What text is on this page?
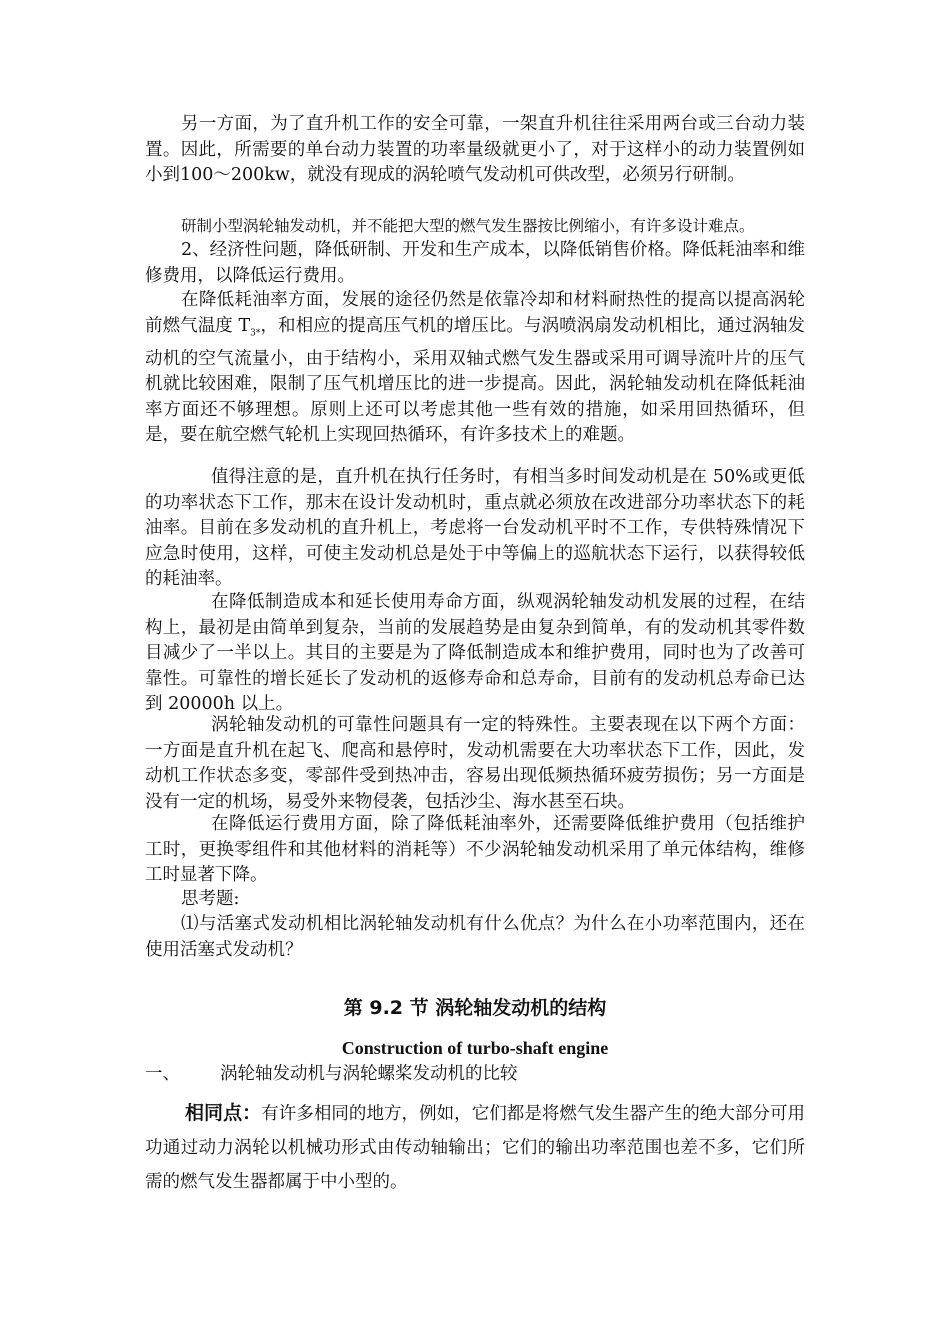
另一方面，为了直升机工作的安全可靠，一架直升机往往采用两台或三台动力装置。因此，所需要的单台动力装置的功率量级就更小了，对于这样小的动力装置例如小到100～200kw，就没有现成的涡轮喷气发动机可供改型，必须另行研制。

研制小型涡轮轴发动机，并不能把大型的燃气发生器按比例缩小，有许多设计难点。

2、经济性问题，降低研制、开发和生产成本，以降低销售价格。降低耗油率和维修费用，以降低运行费用。

在降低耗油率方面，发展的途径仍然是依靠冷却和材料耐热性的提高以提高涡轮前燃气温度 $T_{3*}$，和相应的提高压气机的增压比。与涡喷涡扇发动机相比，通过涡轴发动机的空气流量小，由于结构小，采用双轴式燃气发生器或采用可调导流叶片的压气机就比较困难，限制了压气机增压比的进一步提高。因此，涡轮轴发动机在降低耗油率方面还不够理想。原则上还可以考虑其他一些有效的措施，如采用回热循环，但是，要在航空燃气轮机上实现回热循环，有许多技术上的难题。

值得注意的是，直升机在执行任务时，有相当多时间发动机是在 50%或更低的功率状态下工作，那末在设计发动机时，重点就必须放在改进部分功率状态下的耗油率。目前在多发动机的直升机上，考虑将一台发动机平时不工作，专供特殊情况下应急时使用，这样，可使主发动机总是处于中等偏上的巡航状态下运行，以获得较低的耗油率。

在降低制造成本和延长使用寿命方面，纵观涡轮轴发动机发展的过程，在结构上，最初是由简单到复杂，当前的发展趋势是由复杂到简单，有的发动机其零件数目减少了一半以上。其目的主要是为了降低制造成本和维护费用，同时也为了改善可靠性。可靠性的增长延长了发动机的返修寿命和总寿命，目前有的发动机总寿命已达到 20000h 以上。

涡轮轴发动机的可靠性问题具有一定的特殊性。主要表现在以下两个方面：一方面是直升机在起飞、爬高和悬停时，发动机需要在大功率状态下工作，因此，发动机工作状态多变，零部件受到热冲击，容易出现低频热循环疲劳损伤；另一方面是没有一定的机场，易受外来物侵袭，包括沙尘、海水甚至石块。

在降低运行费用方面，除了降低耗油率外，还需要降低维护费用（包括维护工时，更换零组件和其他材料的消耗等）不少涡轮轴发动机采用了单元体结构，维修工时显著下降。

思考题:

⑴与活塞式发动机相比涡轮轴发动机有什么优点？为什么在小功率范围内，还在使用活塞式发动机？

第 9.2 节 涡轮轴发动机的结构
Construction of turbo-shaft engine
一、 涡轮轴发动机与涡轮螺桨发动机的比较

相同点：有许多相同的地方，例如，它们都是将燃气发生器产生的绝大部分可用功通过动力涡轮以机械功形式由传动轴输出；它们的输出功率范围也差不多，它们所需的燃气发生器都属于中小型的。
